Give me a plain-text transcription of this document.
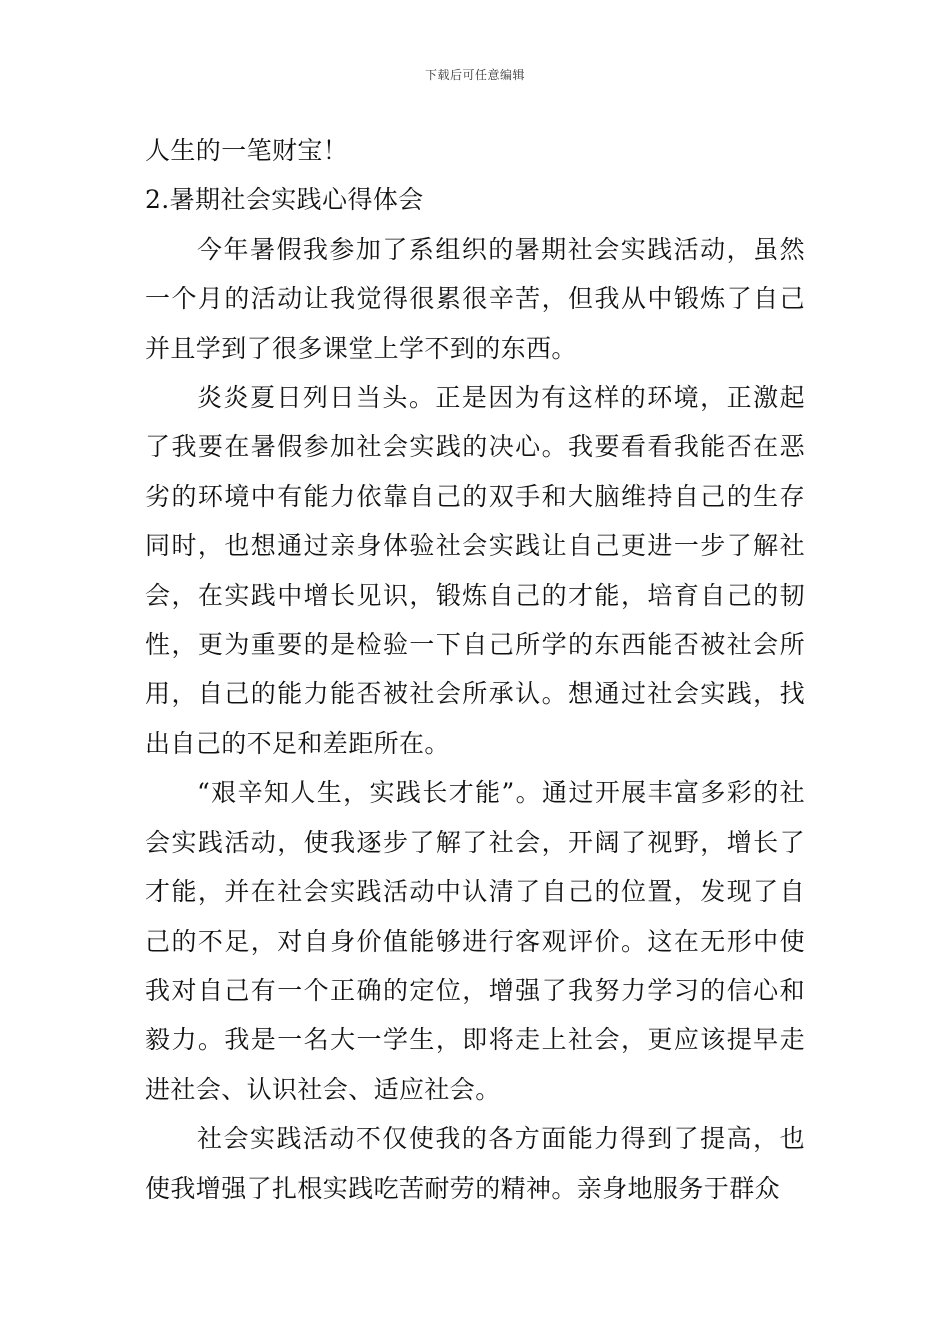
下载后可任意编辑

人生的一笔财宝！

2.暑期社会实践心得体会

今年暑假我参加了系组织的暑期社会实践活动，虽然一个月的活动让我觉得很累很辛苦，但我从中锻炼了自己并且学到了很多课堂上学不到的东西。

炎炎夏日列日当头。正是因为有这样的环境，正激起了我要在暑假参加社会实践的决心。我要看看我能否在恶劣的环境中有能力依靠自己的双手和大脑维持自己的生存同时，也想通过亲身体验社会实践让自己更进一步了解社会，在实践中增长见识，锻炼自己的才能，培育自己的韧性，更为重要的是检验一下自己所学的东西能否被社会所用，自己的能力能否被社会所承认。想通过社会实践，找出自己的不足和差距所在。

“艰辛知人生，实践长才能”。通过开展丰富多彩的社会实践活动，使我逐步了解了社会，开阔了视野，增长了才能，并在社会实践活动中认清了自己的位置，发现了自己的不足，对自身价值能够进行客观评价。这在无形中使我对自己有一个正确的定位，增强了我努力学习的信心和毅力。我是一名大一学生，即将走上社会，更应该提早走进社会、认识社会、适应社会。

社会实践活动不仅使我的各方面能力得到了提高，也使我增强了扎根实践吃苦耐劳的精神。亲身地服务于群众
